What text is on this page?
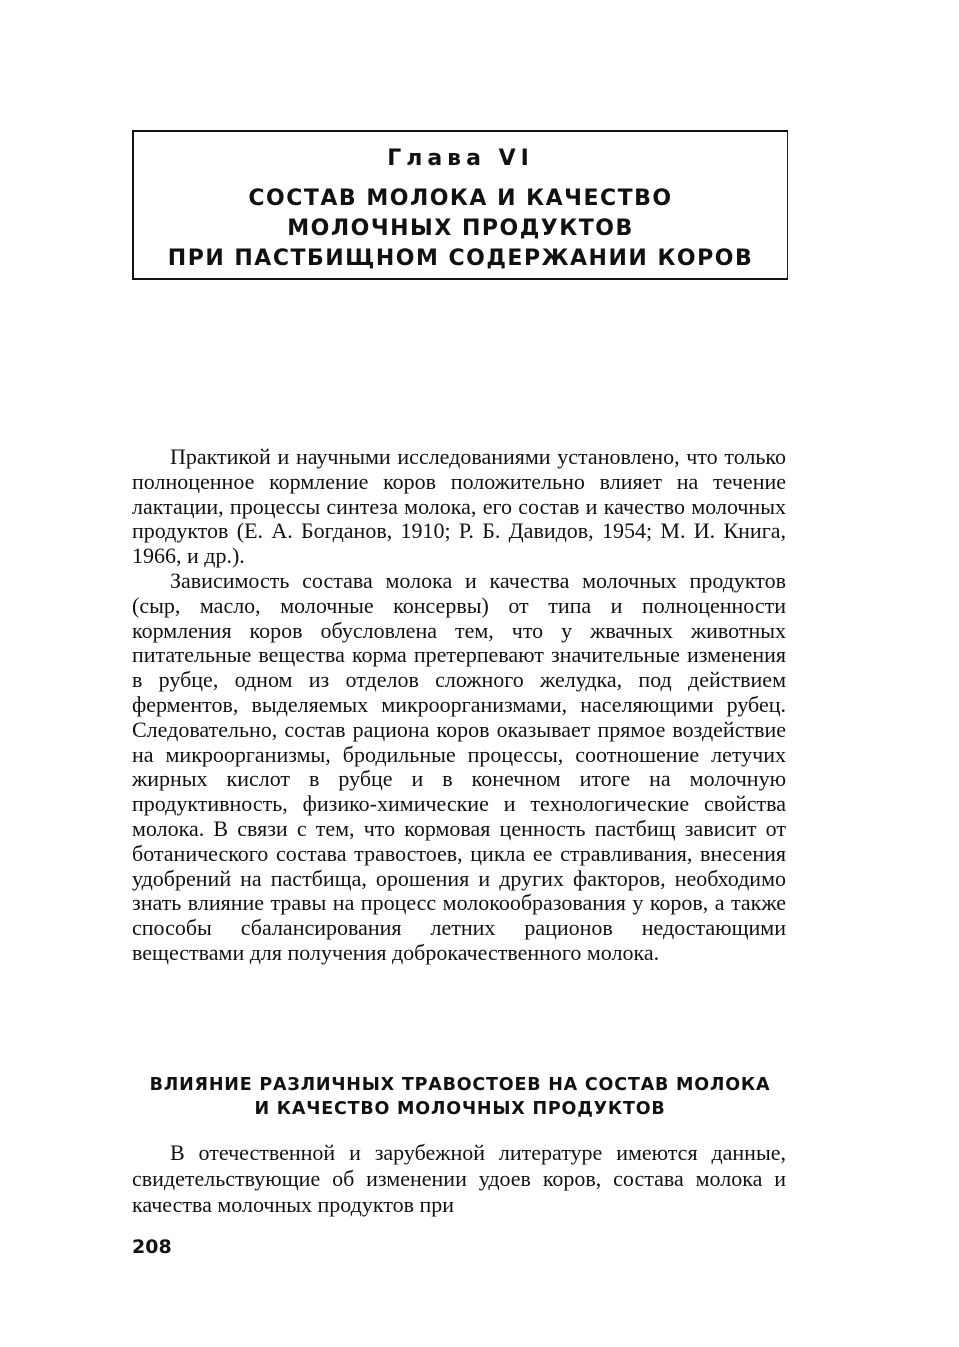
Глава VI
СОСТАВ МОЛОКА И КАЧЕСТВО
МОЛОЧНЫХ ПРОДУКТОВ
ПРИ ПАСТБИЩНОМ СОДЕРЖАНИИ КОРОВ

Практикой и научными исследованиями установлено, что только полноценное кормление коров положительно влияет на течение лактации, процессы синтеза молока, его состав и качество молочных продуктов (Е. А. Богданов, 1910; Р. Б. Давидов, 1954; М. И. Книга, 1966, и др.).

Зависимость состава молока и качества молочных продуктов (сыр, масло, молочные консервы) от типа и полноценности кормления коров обусловлена тем, что у жвачных животных питательные вещества корма претерпевают значительные изменения в рубце, одном из отделов сложного желудка, под действием ферментов, выделяемых микроорганизмами, населяющими рубец. Следовательно, состав рациона коров оказывает прямое воздействие на микроорганизмы, бродильные процессы, соотношение летучих жирных кислот в рубце и в конечном итоге на молочную продуктивность, физико-химические и технологические свойства молока. В связи с тем, что кормовая ценность пастбищ зависит от ботанического состава травостоев, цикла ее стравливания, внесения удобрений на пастбища, орошения и других факторов, необходимо знать влияние травы на процесс молокообразования у коров, а также способы сбалансирования летних рационов недостающими веществами для получения доброкачественного молока.

ВЛИЯНИЕ РАЗЛИЧНЫХ ТРАВОСТОЕВ НА СОСТАВ МОЛОКА
И КАЧЕСТВО МОЛОЧНЫХ ПРОДУКТОВ

В отечественной и зарубежной литературе имеются данные, свидетельствующие об изменении удоев коров, состава молока и качества молочных продуктов при

208
